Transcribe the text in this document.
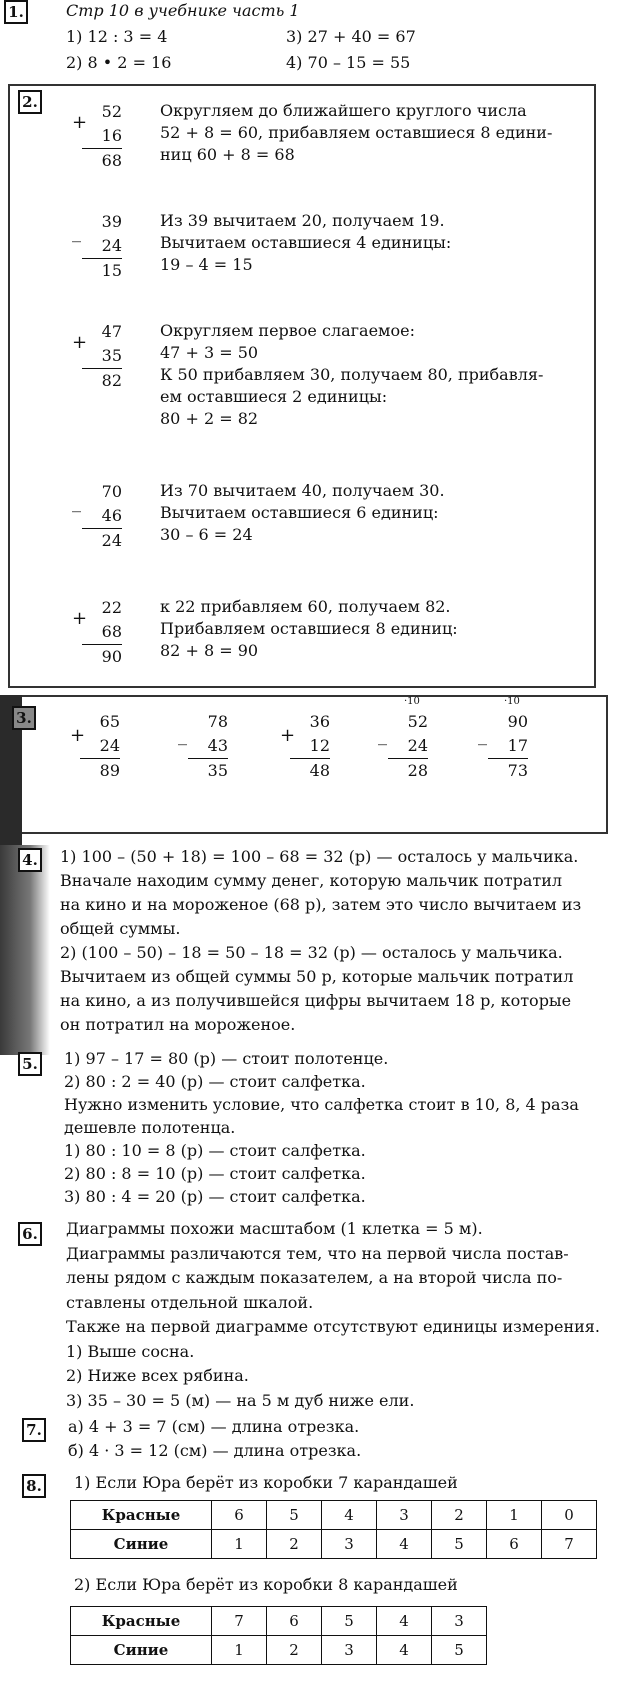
1.	Стр 10 в учебнике часть 1
1) 12 : 3 = 4	3) 27 + 40 = 67
2) 8 • 2 = 16	4) 70 – 15 = 55
2.
+
52
16
68
Округляем до ближайшего круглого числа
52 + 8 = 60, прибавляем оставшиеся 8 едини-
ниц 60 + 8 = 68
_
39
24
15
Из 39 вычитаем 20, получаем 19.
Вычитаем оставшиеся 4 единицы:
19 – 4 = 15
+
47
35
82
Округляем первое слагаемое:
47 + 3 = 50
К 50 прибавляем 30, получаем 80, прибавля-
ем оставшиеся 2 единицы:
80 + 2 = 82
_
70
46
24
Из 70 вычитаем 40, получаем 30.
Вычитаем оставшиеся 6 единиц:
30 – 6 = 24
+
22
68
90
к 22 прибавляем 60, получаем 82.
Прибавляем оставшиеся 8 единиц:
82 + 8 = 90
3.
+
65
24
89
_
78
43
35
+
36
12
48
_
·10
52
24
28
_
·10
90
17
73
4. 1) 100 – (50 + 18) = 100 – 68 = 32 (р) — осталось у мальчика.
Вначале находим сумму денег, которую мальчик потратил
на кино и на мороженое (68 р), затем это число вычитаем из
общей суммы.
2) (100 – 50) – 18 = 50 – 18 = 32 (р) — осталось у мальчика.
Вычитаем из общей суммы 50 р, которые мальчик потратил
на кино, а из получившейся цифры вычитаем 18 р, которые
он потратил на мороженое.
5. 1) 97 – 17 = 80 (р) — стоит полотенце.
2) 80 : 2 = 40 (р) — стоит салфетка.
Нужно изменить условие, что салфетка стоит в 10, 8, 4 раза
дешевле полотенца.
1) 80 : 10 = 8 (р) — стоит салфетка.
2) 80 : 8 = 10 (р) — стоит салфетка.
3) 80 : 4 = 20 (р) — стоит салфетка.
6. Диаграммы похожи масштабом (1 клетка = 5 м).
Диаграммы различаются тем, что на первой числа постав-
лены рядом с каждым показателем, а на второй числа по-
ставлены отдельной шкалой.
Также на первой диаграмме отсутствуют единицы измерения.
1) Выше сосна.
2) Ниже всех рябина.
3) 35 – 30 = 5 (м) — на 5 м дуб ниже ели.
7. а) 4 + 3 = 7 (см) — длина отрезка.
б) 4 · 3 = 12 (см) — длина отрезка.
8. 1) Если Юра берёт из коробки 7 карандашей
Красные	6	5	4	3	2	1	0
Синие	1	2	3	4	5	6	7
2) Если Юра берёт из коробки 8 карандашей
Красные	7	6	5	4	3
Синие	1	2	3	4	5
